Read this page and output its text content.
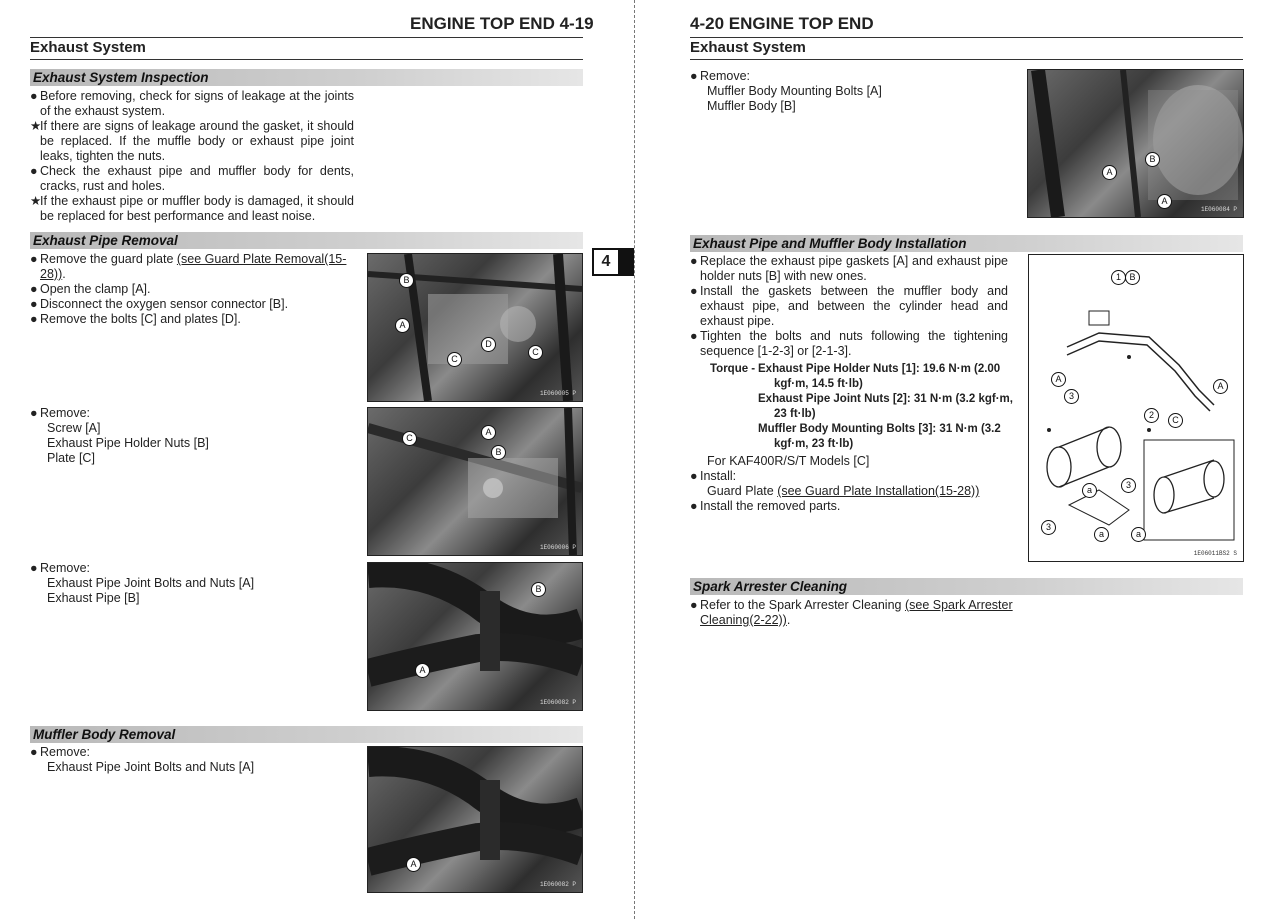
ENGINE TOP END 4-19
Exhaust System
Exhaust System Inspection
● Before removing, check for signs of leakage at the joints of the exhaust system.
★
If there are signs of leakage around the gasket, it should be replaced. If the muffle body or exhaust pipe joint leaks, tighten the nuts.
● Check the exhaust pipe and muffler body for dents, cracks, rust and holes.
★
If the exhaust pipe or muffler body is damaged, it should be replaced for best performance and least noise.
Exhaust Pipe Removal
● Remove the guard plate (see Guard Plate Removal(15-28)).
● Open the clamp [A].
● Disconnect the oxygen sensor connector [B].
● Remove the bolts [C] and plates [D].
B
A
C
D
C
1E060005 P
4
● Remove:
Screw [A]
Exhaust Pipe Holder Nuts [B]
Plate [C]
C
A
B
1E060006 P
● Remove:
Exhaust Pipe Joint Bolts and Nuts [A]
Exhaust Pipe [B]
B
A
1E060082 P
Muffler Body Removal
● Remove:
Exhaust Pipe Joint Bolts and Nuts [A]
A
1E060082 P
4-20 ENGINE TOP END
Exhaust System
● Remove:
Muffler Body Mounting Bolts [A]
Muffler Body [B]
A
B
A
1E060084 P
Exhaust Pipe and Muffler Body Installation
● Replace the exhaust pipe gaskets [A] and exhaust pipe holder nuts [B] with new ones.
● Install the gaskets between the muffler body and exhaust pipe, and between the cylinder head and exhaust pipe.
● Tighten the bolts and nuts following the tightening sequence [1-2-3] or [2-1-3].
Torque - Exhaust Pipe Holder Nuts [1]: 19.6 N·m (2.00
kgf·m, 14.5 ft·lb)
Exhaust Pipe Joint Nuts [2]: 31 N·m (3.2 kgf·m,
23 ft·lb)
Muffler Body Mounting Bolts [3]: 31 N·m (3.2
kgf·m, 23 ft·lb)
For KAF400R/S/T Models [C]
● Install:
Guard Plate (see Guard Plate Installation(15-28))
● Install the removed parts.
1 B
A
A
3
2	C
3
a
3
a	a
1E06011BS2 S
Spark Arrester Cleaning
● Refer to the Spark Arrester Cleaning (see Spark Arrester Cleaning(2-22)).
